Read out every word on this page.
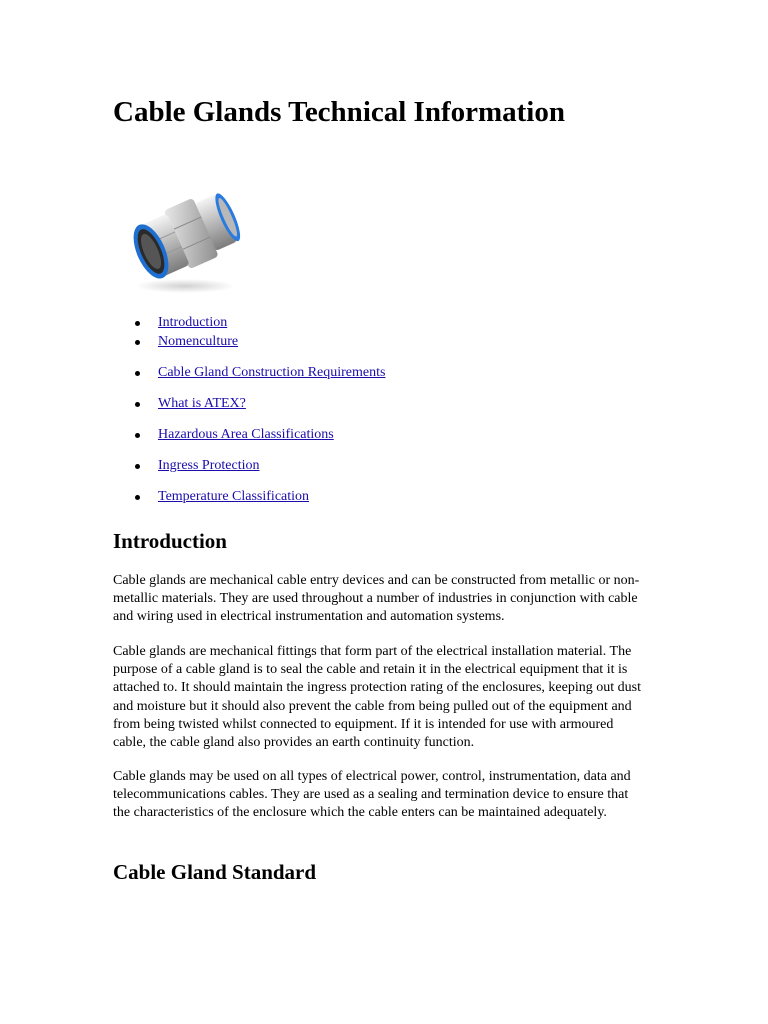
Cable Glands Technical Information
Introduction
Nomenculture
Cable Gland Construction Requirements
What is ATEX?
Hazardous Area Classifications
Ingress Protection
Temperature Classification
Introduction

Cable glands are mechanical cable entry devices and can be constructed from metallic or non-metallic materials. They are used throughout a number of industries in conjunction with cable and wiring used in electrical instrumentation and automation systems.

Cable glands are mechanical fittings that form part of the electrical installation material. The purpose of a cable gland is to seal the cable and retain it in the electrical equipment that it is attached to. It should maintain the ingress protection rating of the enclosures, keeping out dust and moisture but it should also prevent the cable from being pulled out of the equipment and from being twisted whilst connected to equipment. If it is intended for use with armoured cable, the cable gland also provides an earth continuity function.

Cable glands may be used on all types of electrical power, control, instrumentation, data and telecommunications cables. They are used as a sealing and termination device to ensure that the characteristics of the enclosure which the cable enters can be maintained adequately.

Cable Gland Standard
